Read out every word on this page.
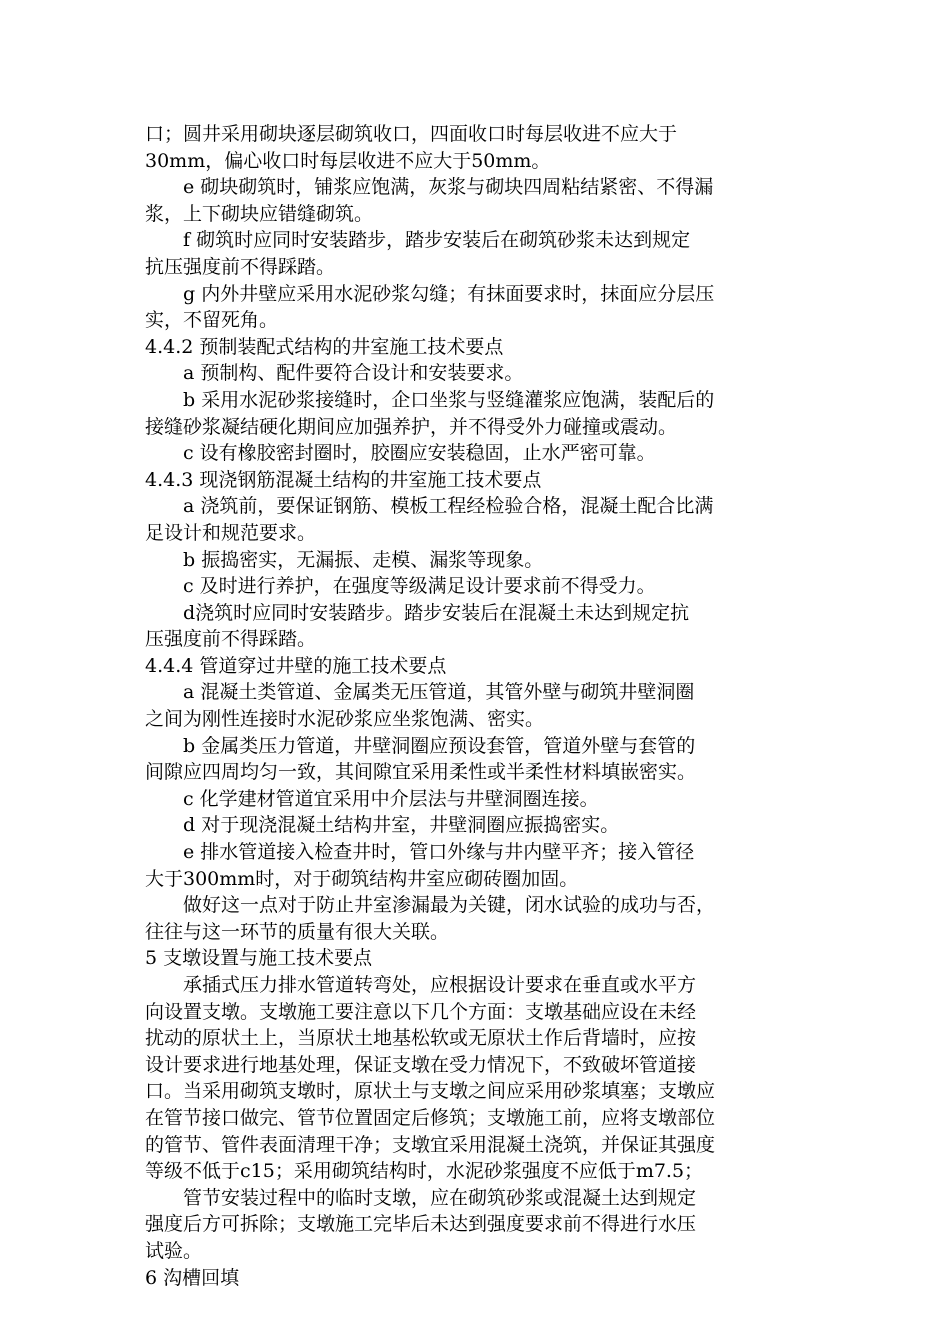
口；圆井采用砌块逐层砌筑收口，四面收口时每层收进不应大于
30mm，偏心收口时每层收进不应大于50mm。
e 砌块砌筑时，铺浆应饱满，灰浆与砌块四周粘结紧密、不得漏
浆，上下砌块应错缝砌筑。
f 砌筑时应同时安装踏步，踏步安装后在砌筑砂浆未达到规定
抗压强度前不得踩踏。
g 内外井壁应采用水泥砂浆勾缝；有抹面要求时，抹面应分层压
实，不留死角。
4.4.2 预制装配式结构的井室施工技术要点
a 预制构、配件要符合设计和安装要求。
b 采用水泥砂浆接缝时，企口坐浆与竖缝灌浆应饱满，装配后的
接缝砂浆凝结硬化期间应加强养护，并不得受外力碰撞或震动。
c 设有橡胶密封圈时，胶圈应安装稳固，止水严密可靠。
4.4.3 现浇钢筋混凝土结构的井室施工技术要点
a 浇筑前，要保证钢筋、模板工程经检验合格，混凝土配合比满
足设计和规范要求。
b 振捣密实，无漏振、走模、漏浆等现象。
c 及时进行养护，在强度等级满足设计要求前不得受力。
d浇筑时应同时安装踏步。踏步安装后在混凝土未达到规定抗
压强度前不得踩踏。
4.4.4 管道穿过井壁的施工技术要点
a 混凝土类管道、金属类无压管道，其管外壁与砌筑井壁洞圈
之间为刚性连接时水泥砂浆应坐浆饱满、密实。
b 金属类压力管道，井壁洞圈应预设套管，管道外壁与套管的
间隙应四周均匀一致，其间隙宜采用柔性或半柔性材料填嵌密实。
c 化学建材管道宜采用中介层法与井壁洞圈连接。
d 对于现浇混凝土结构井室，井壁洞圈应振捣密实。
e 排水管道接入检查井时，管口外缘与井内壁平齐；接入管径
大于300mm时，对于砌筑结构井室应砌砖圈加固。
做好这一点对于防止井室渗漏最为关键，闭水试验的成功与否，
往往与这一环节的质量有很大关联。
5 支墩设置与施工技术要点
承插式压力排水管道转弯处，应根据设计要求在垂直或水平方
向设置支墩。支墩施工要注意以下几个方面：支墩基础应设在未经
扰动的原状土上，当原状土地基松软或无原状土作后背墙时，应按
设计要求进行地基处理，保证支墩在受力情况下，不致破坏管道接
口。当采用砌筑支墩时，原状土与支墩之间应采用砂浆填塞；支墩应
在管节接口做完、管节位置固定后修筑；支墩施工前，应将支墩部位
的管节、管件表面清理干净；支墩宜采用混凝土浇筑，并保证其强度
等级不低于c15；采用砌筑结构时，水泥砂浆强度不应低于m7.5；
管节安装过程中的临时支墩，应在砌筑砂浆或混凝土达到规定
强度后方可拆除；支墩施工完毕后未达到强度要求前不得进行水压
试验。
6 沟槽回填
